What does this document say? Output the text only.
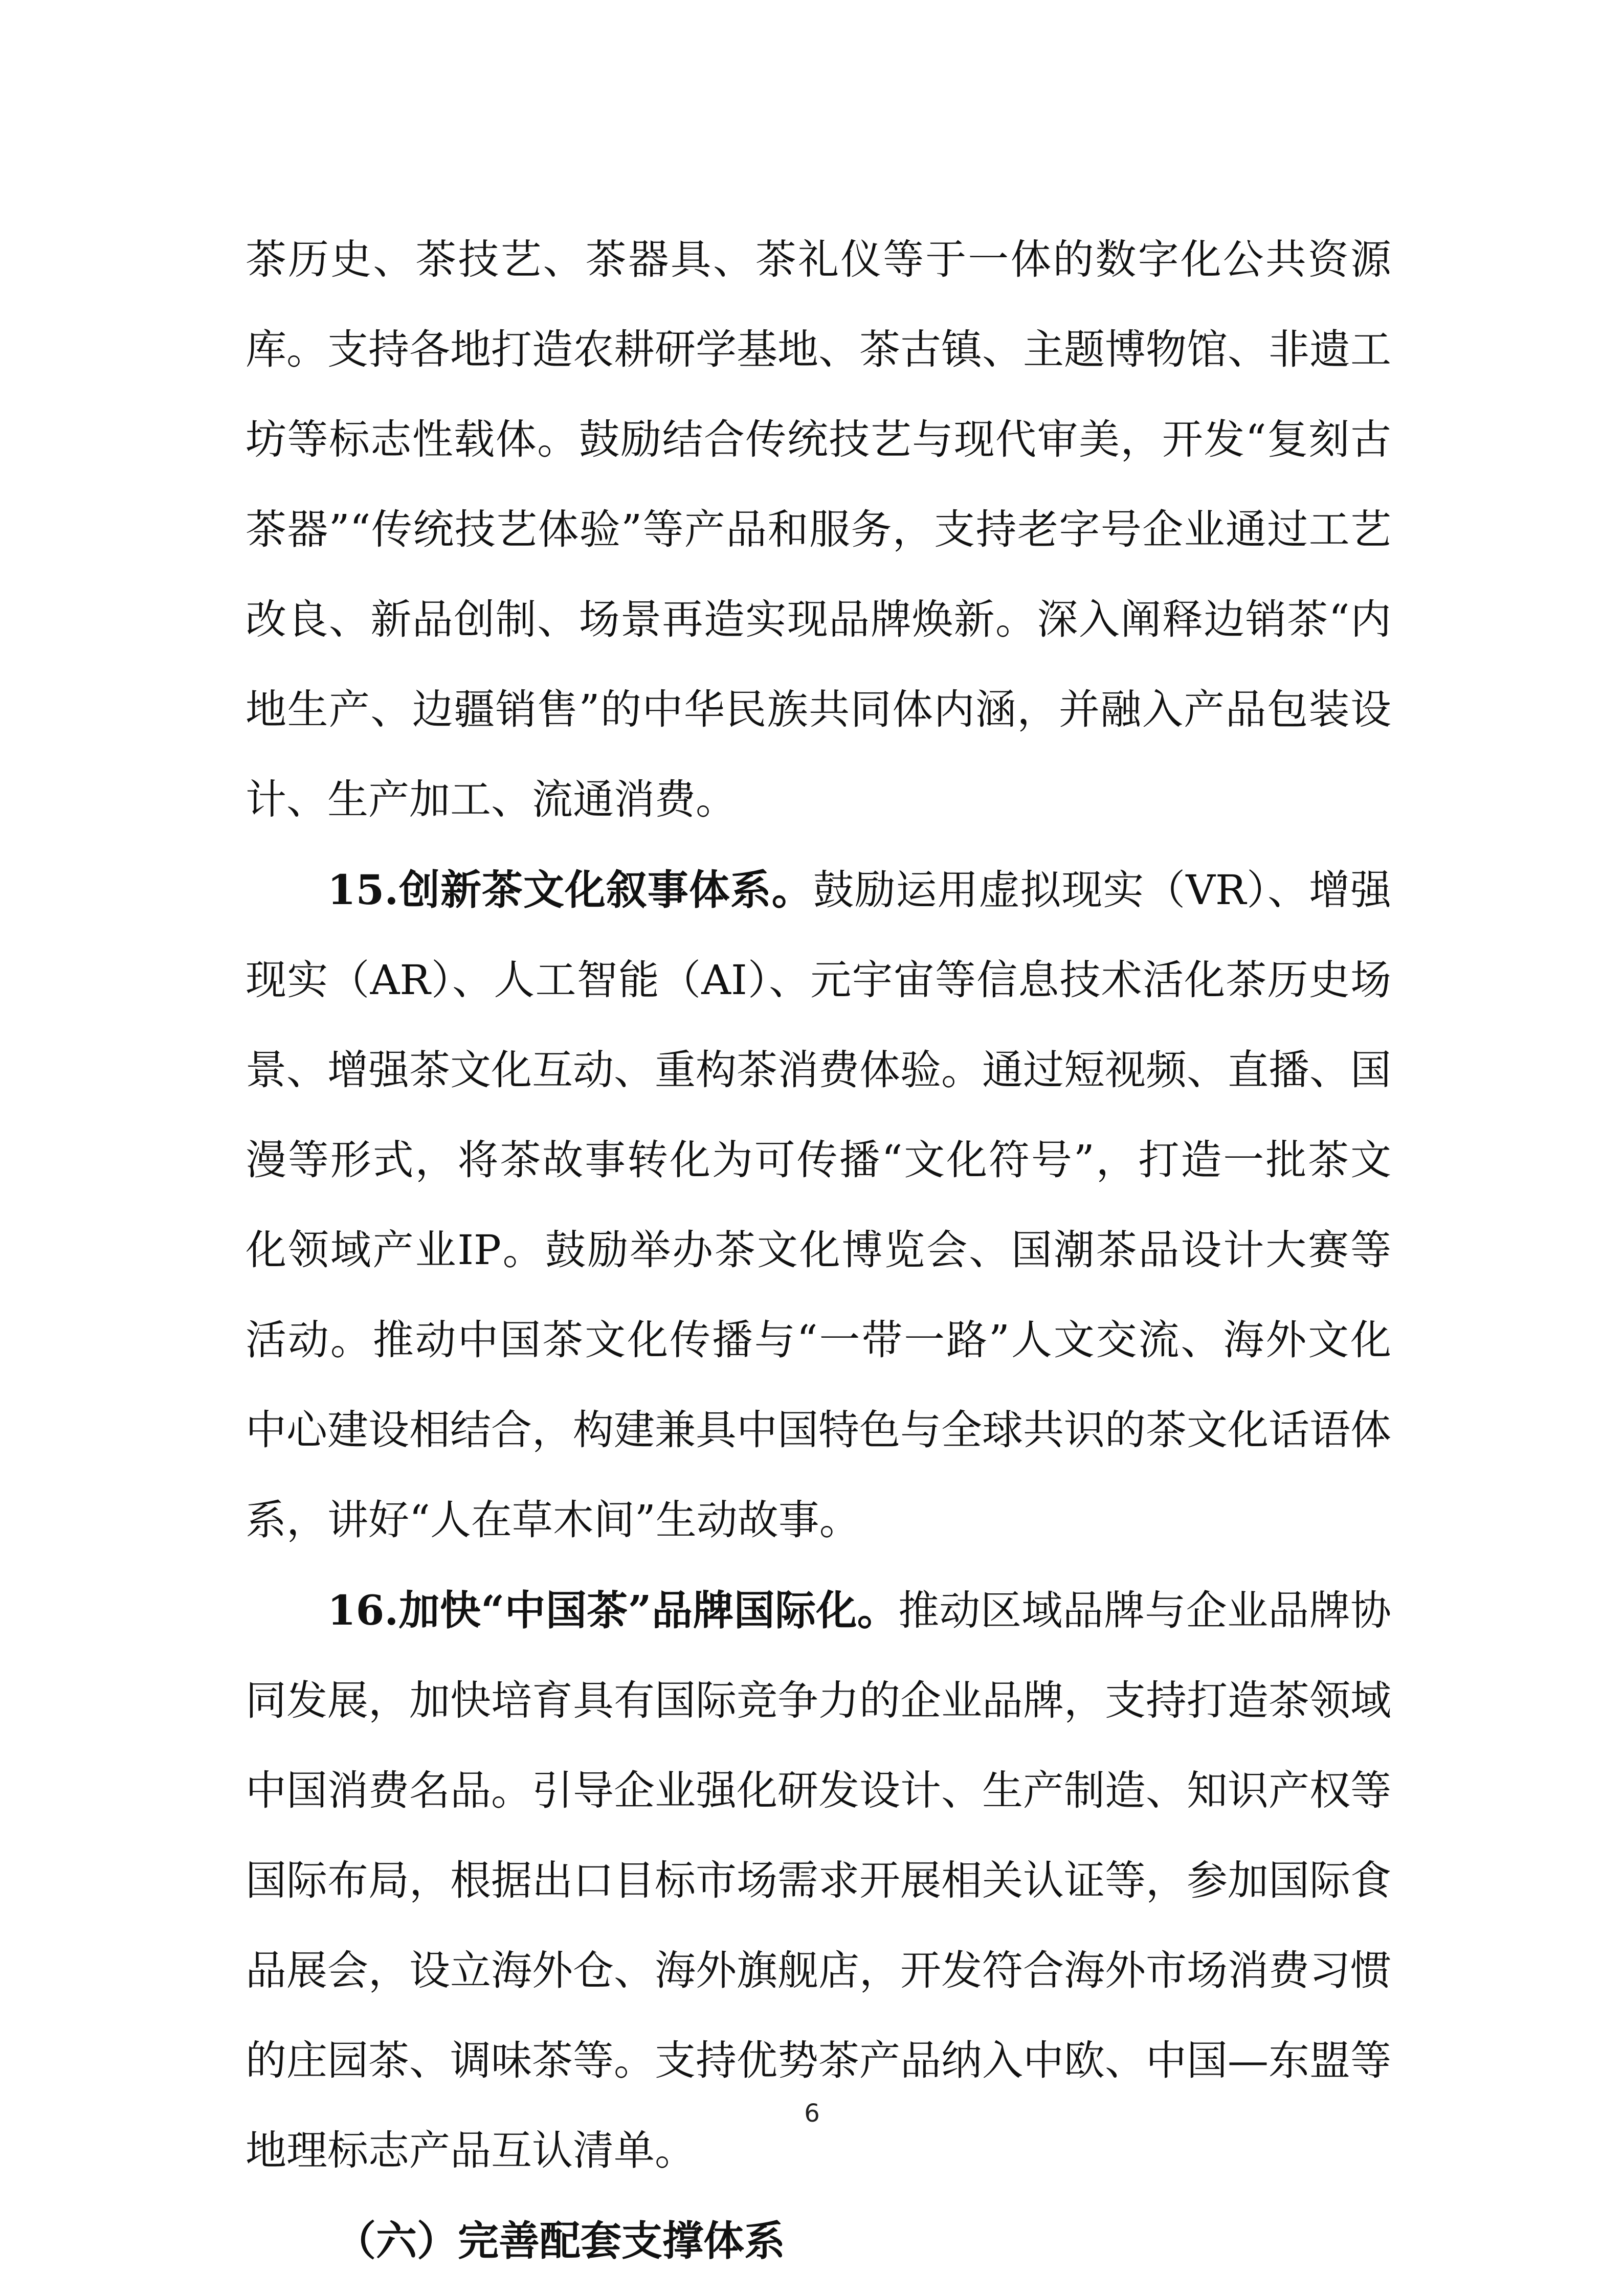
茶历史、茶技艺、茶器具、茶礼仪等于一体的数字化公共资源库。支持各地打造农耕研学基地、茶古镇、主题博物馆、非遗工坊等标志性载体。鼓励结合传统技艺与现代审美，开发“复刻古茶器”“传统技艺体验”等产品和服务，支持老字号企业通过工艺改良、新品创制、场景再造实现品牌焕新。深入阐释边销茶“内地生产、边疆销售”的中华民族共同体内涵，并融入产品包装设计、生产加工、流通消费。

15.创新茶文化叙事体系。鼓励运用虚拟现实（VR）、增强现实（AR）、人工智能（AI）、元宇宙等信息技术活化茶历史场景、增强茶文化互动、重构茶消费体验。通过短视频、直播、国漫等形式，将茶故事转化为可传播“文化符号”，打造一批茶文化领域产业IP。鼓励举办茶文化博览会、国潮茶品设计大赛等活动。推动中国茶文化传播与“一带一路”人文交流、海外文化中心建设相结合，构建兼具中国特色与全球共识的茶文化话语体系，讲好“人在草木间”生动故事。

16.加快“中国茶”品牌国际化。推动区域品牌与企业品牌协同发展，加快培育具有国际竞争力的企业品牌，支持打造茶领域中国消费名品。引导企业强化研发设计、生产制造、知识产权等国际布局，根据出口目标市场需求开展相关认证等，参加国际食品展会，设立海外仓、海外旗舰店，开发符合海外市场消费习惯的庄园茶、调味茶等。支持优势茶产品纳入中欧、中国—东盟等地理标志产品互认清单。

（六）完善配套支撑体系

6
